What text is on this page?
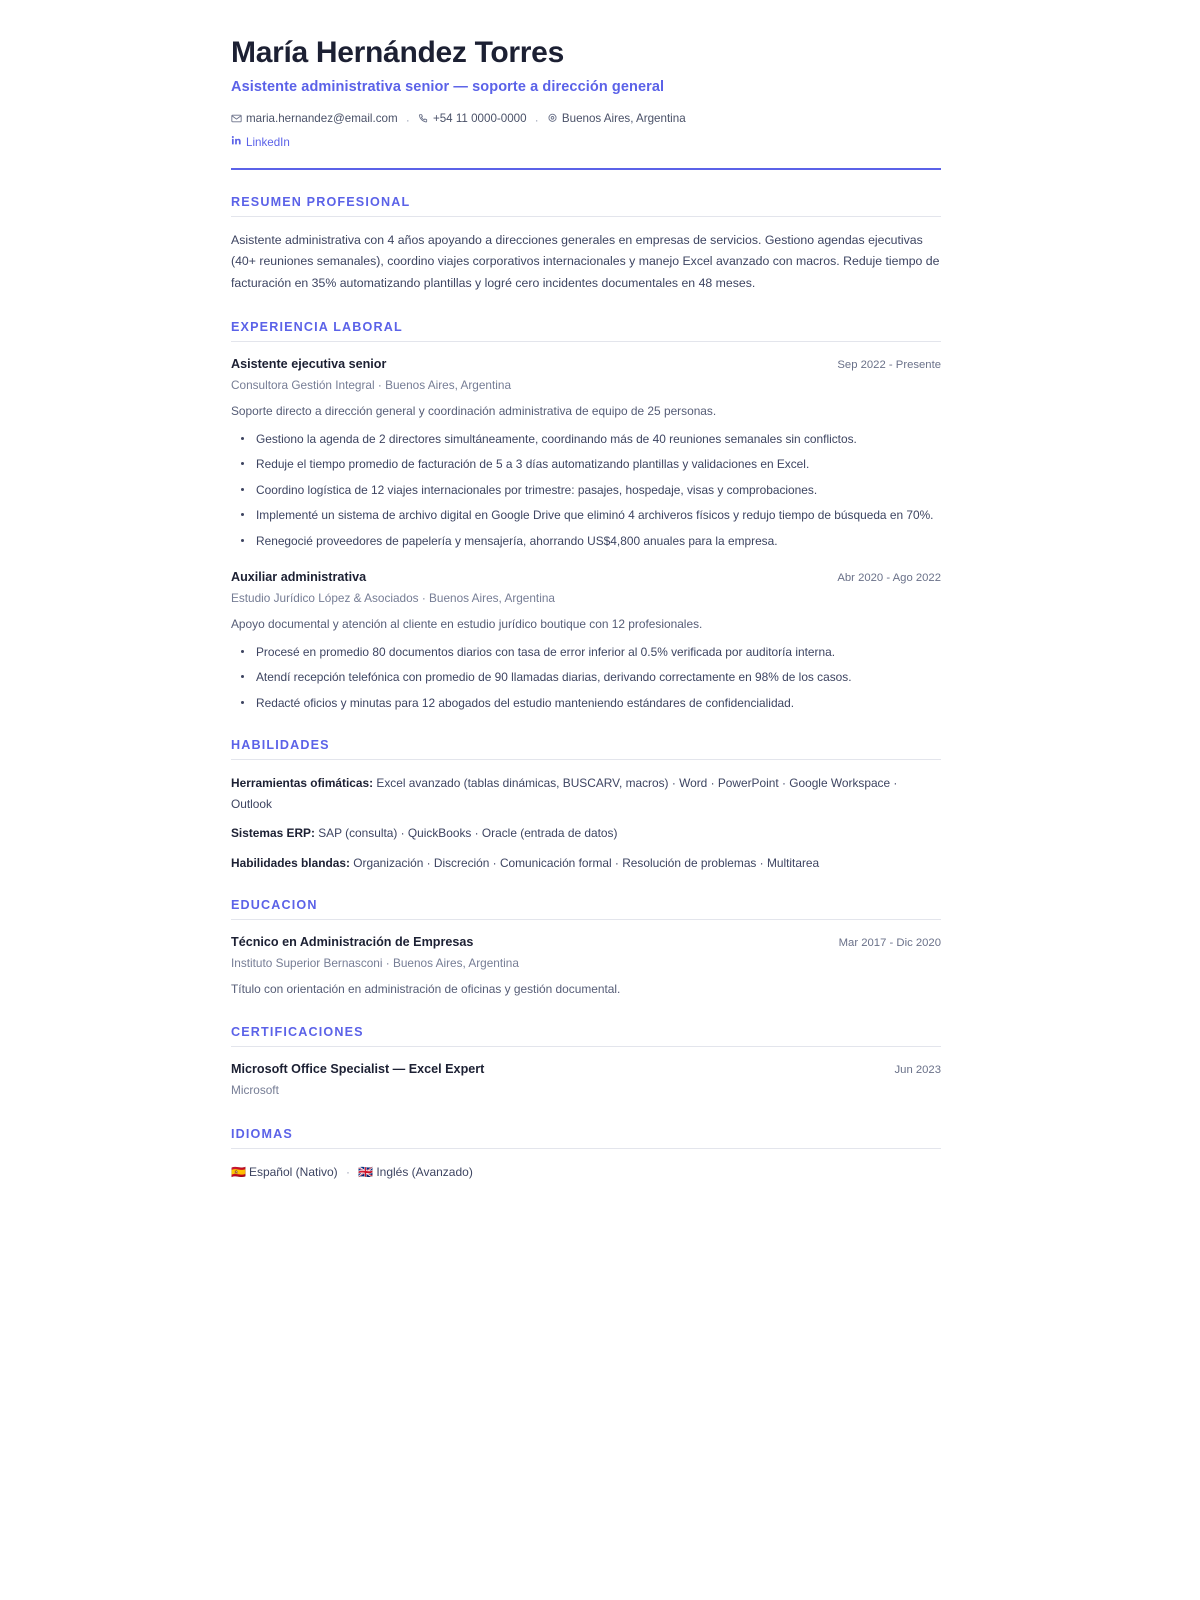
María Hernández Torres
Asistente administrativa senior — soporte a dirección general
maria.hernandez@email.com · +54 11 0000-0000 · Buenos Aires, Argentina
LinkedIn
RESUMEN PROFESIONAL

Asistente administrativa con 4 años apoyando a direcciones generales en empresas de servicios. Gestiono agendas ejecutivas (40+ reuniones semanales), coordino viajes corporativos internacionales y manejo Excel avanzado con macros. Reduje tiempo de facturación en 35% automatizando plantillas y logré cero incidentes documentales en 48 meses.

EXPERIENCIA LABORAL
Asistente ejecutiva senior	Sep 2022 - Presente
Consultora Gestión Integral · Buenos Aires, Argentina
Soporte directo a dirección general y coordinación administrativa de equipo de 25 personas.
Gestiono la agenda de 2 directores simultáneamente, coordinando más de 40 reuniones semanales sin conflictos.
Reduje el tiempo promedio de facturación de 5 a 3 días automatizando plantillas y validaciones en Excel.
Coordino logística de 12 viajes internacionales por trimestre: pasajes, hospedaje, visas y comprobaciones.
Implementé un sistema de archivo digital en Google Drive que eliminó 4 archiveros físicos y redujo tiempo de búsqueda en 70%.
Renegocié proveedores de papelería y mensajería, ahorrando US$4,800 anuales para la empresa.
Auxiliar administrativa	Abr 2020 - Ago 2022
Estudio Jurídico López & Asociados · Buenos Aires, Argentina
Apoyo documental y atención al cliente en estudio jurídico boutique con 12 profesionales.
Procesé en promedio 80 documentos diarios con tasa de error inferior al 0.5% verificada por auditoría interna.
Atendí recepción telefónica con promedio de 90 llamadas diarias, derivando correctamente en 98% de los casos.
Redacté oficios y minutas para 12 abogados del estudio manteniendo estándares de confidencialidad.
HABILIDADES
Herramientas ofimáticas: Excel avanzado (tablas dinámicas, BUSCARV, macros) · Word · PowerPoint · Google Workspace · Outlook
Sistemas ERP: SAP (consulta) · QuickBooks · Oracle (entrada de datos)
Habilidades blandas: Organización · Discreción · Comunicación formal · Resolución de problemas · Multitarea
EDUCACION
Técnico en Administración de Empresas	Mar 2017 - Dic 2020
Instituto Superior Bernasconi · Buenos Aires, Argentina
Título con orientación en administración de oficinas y gestión documental.
CERTIFICACIONES
Microsoft Office Specialist — Excel Expert	Jun 2023
Microsoft
IDIOMAS
🇪🇸 Español (Nativo) · 🇬🇧 Inglés (Avanzado)
